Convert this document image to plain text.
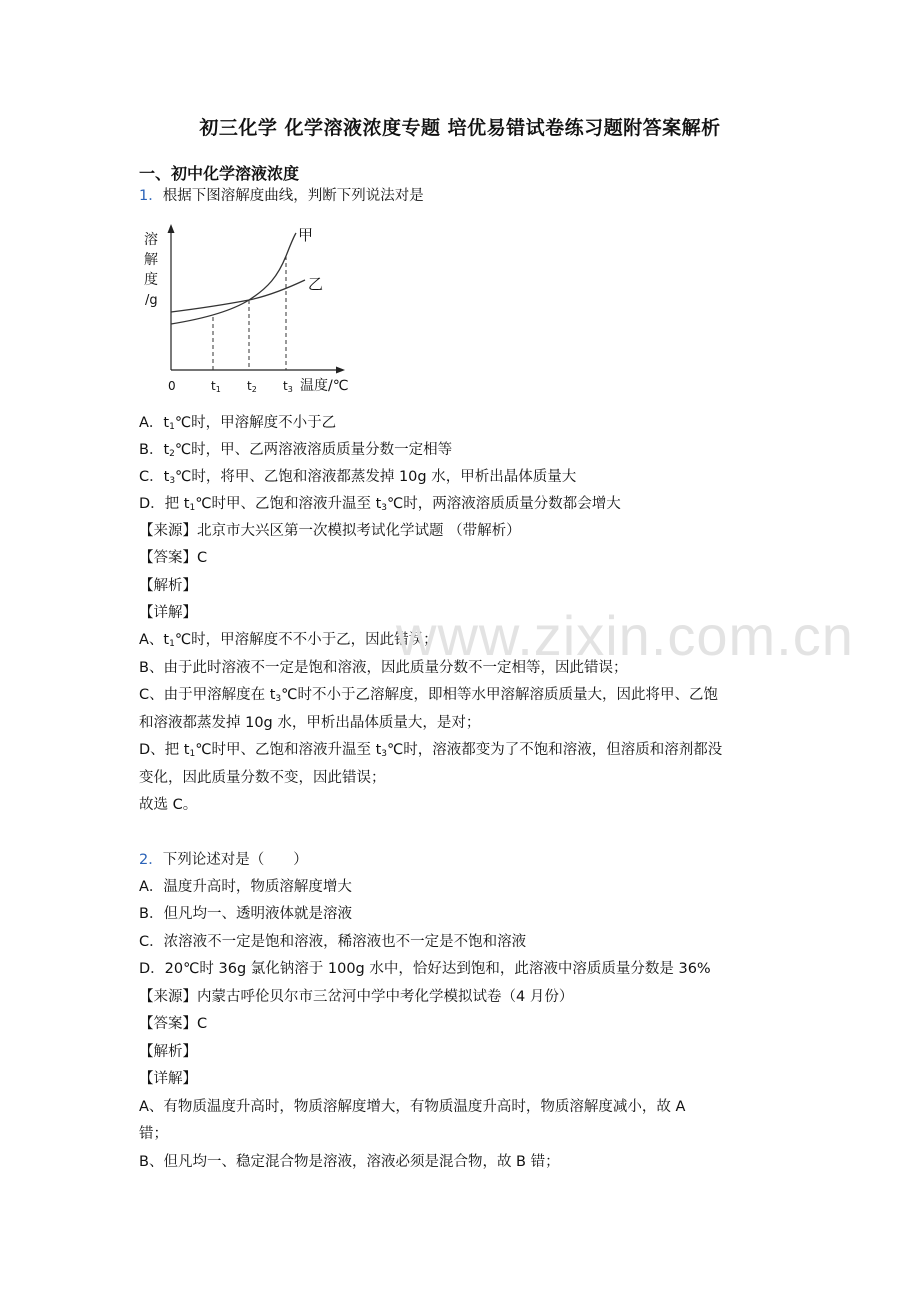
初三化学 化学溶液浓度专题 培优易错试卷练习题附答案解析
一、初中化学溶液浓度
1．根据下图溶解度曲线，判断下列说法对是
溶
解
度
/g
甲
乙
0	t1 t2 t3 温度/℃
A．$t_1℃$时，甲溶解度不小于乙
B．$t_2℃$时，甲、乙两溶液溶质质量分数一定相等
C．$t_3℃$时，将甲、乙饱和溶液都蒸发掉 10g 水，甲析出晶体质量大
D．把 $t_1℃$时甲、乙饱和溶液升温至 $t_3℃$时，两溶液溶质质量分数都会增大
【来源】北京市大兴区第一次模拟考试化学试题 （带解析）
【答案】C
【解析】
【详解】
A、$t_1℃$时，甲溶解度不不小于乙，因此错误；
B、由于此时溶液不一定是饱和溶液，因此质量分数不一定相等，因此错误；
C、由于甲溶解度在 $t_3℃$时不小于乙溶解度，即相等水甲溶解溶质质量大，因此将甲、乙饱
和溶液都蒸发掉 10g 水，甲析出晶体质量大，是对；
D、把 $t_1℃$时甲、乙饱和溶液升温至 $t_3℃$时，溶液都变为了不饱和溶液，但溶质和溶剂都没
变化，因此质量分数不变，因此错误；
故选 C。
2．下列论述对是（　　）
A．温度升高时，物质溶解度增大
B．但凡均一、透明液体就是溶液
C．浓溶液不一定是饱和溶液，稀溶液也不一定是不饱和溶液
D．20℃时 36g 氯化钠溶于 100g 水中，恰好达到饱和，此溶液中溶质质量分数是 36%
【来源】内蒙古呼伦贝尔市三岔河中学中考化学模拟试卷（4 月份）
【答案】C
【解析】
【详解】
A、有物质温度升高时，物质溶解度增大，有物质温度升高时，物质溶解度减小，故 A
错；
B、但凡均一、稳定混合物是溶液，溶液必须是混合物，故 B 错；
www.zixin.com.cn
